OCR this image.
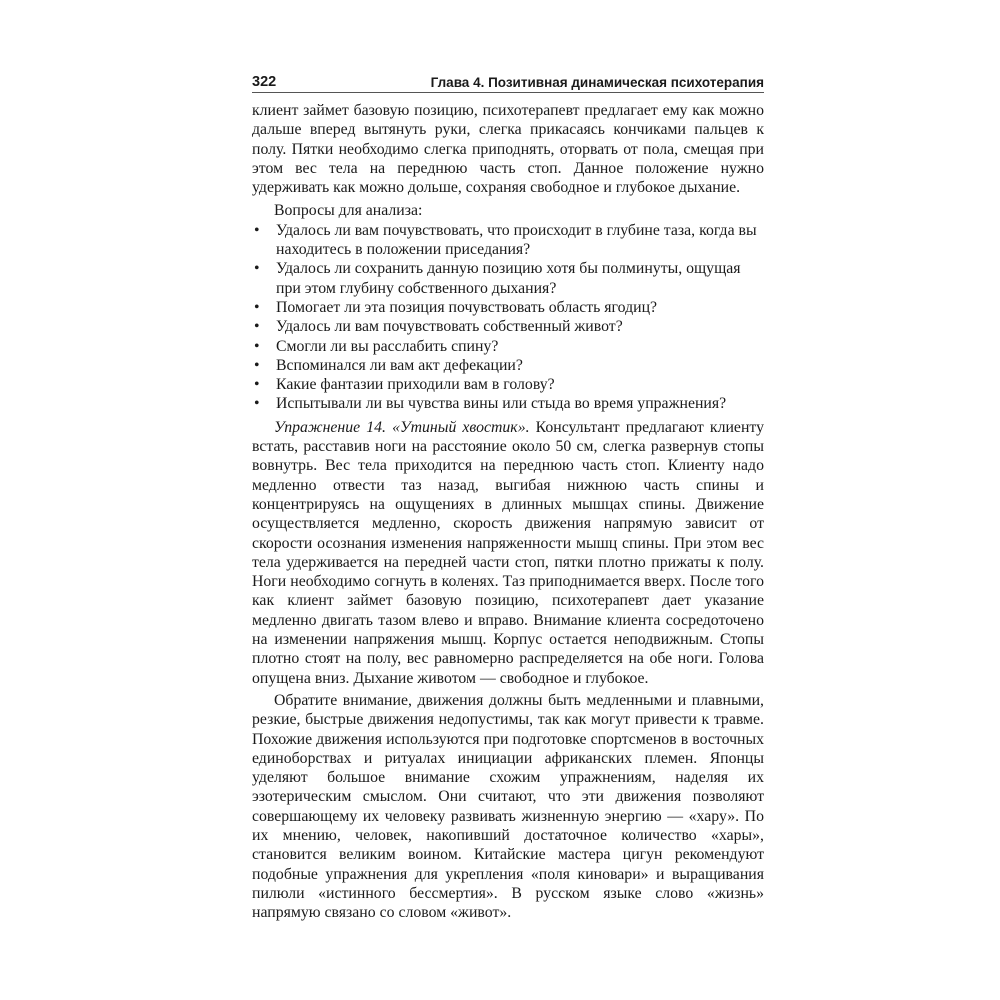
322	Глава 4. Позитивная динамическая психотерапия

клиент займет базовую позицию, психотерапевт предлагает ему как можно дальше вперед вытянуть руки, слегка прикасаясь кончиками пальцев к полу. Пятки необходимо слегка приподнять, оторвать от пола, смещая при этом вес тела на переднюю часть стоп. Данное положение нужно удерживать как можно дольше, сохраняя свободное и глубокое дыхание.

Вопросы для анализа:

• Удалось ли вам почувствовать, что происходит в глубине таза, когда вы находитесь в положении приседания?
• Удалось ли сохранить данную позицию хотя бы полминуты, ощущая при этом глубину собственного дыхания?
• Помогает ли эта позиция почувствовать область ягодиц?
• Удалось ли вам почувствовать собственный живот?
• Смогли ли вы расслабить спину?
• Вспоминался ли вам акт дефекации?
• Какие фантазии приходили вам в голову?
• Испытывали ли вы чувства вины или стыда во время упражнения?

Упражнение 14. «Утиный хвостик». Консультант предлагают клиенту встать, расставив ноги на расстояние около 50 см, слегка развернув стопы вовнутрь. Вес тела приходится на переднюю часть стоп. Клиенту надо медленно отвести таз назад, выгибая нижнюю часть спины и концентрируясь на ощущениях в длинных мышцах спины. Движение осуществляется медленно, скорость движения напрямую зависит от скорости осознания изменения напряженности мышц спины. При этом вес тела удерживается на передней части стоп, пятки плотно прижаты к полу. Ноги необходимо согнуть в коленях. Таз приподнимается вверх. После того как клиент займет базовую позицию, психотерапевт дает указание медленно двигать тазом влево и вправо. Внимание клиента сосредоточено на изменении напряжения мышц. Корпус остается неподвижным. Стопы плотно стоят на полу, вес равномерно распределяется на обе ноги. Голова опущена вниз. Дыхание животом — свободное и глубокое.

Обратите внимание, движения должны быть медленными и плавными, резкие, быстрые движения недопустимы, так как могут привести к травме. Похожие движения используются при подготовке спортсменов в восточных единоборствах и ритуалах инициации африканских племен. Японцы уделяют большое внимание схожим упражнениям, наделяя их эзотерическим смыслом. Они считают, что эти движения позволяют совершающему их человеку развивать жизненную энергию — «хару». По их мнению, человек, накопивший достаточное количество «хары», становится великим воином. Китайские мастера цигун рекомендуют подобные упражнения для укрепления «поля киновари» и выращивания пилюли «истинного бессмертия». В русском языке слово «жизнь» напрямую связано со словом «живот».
